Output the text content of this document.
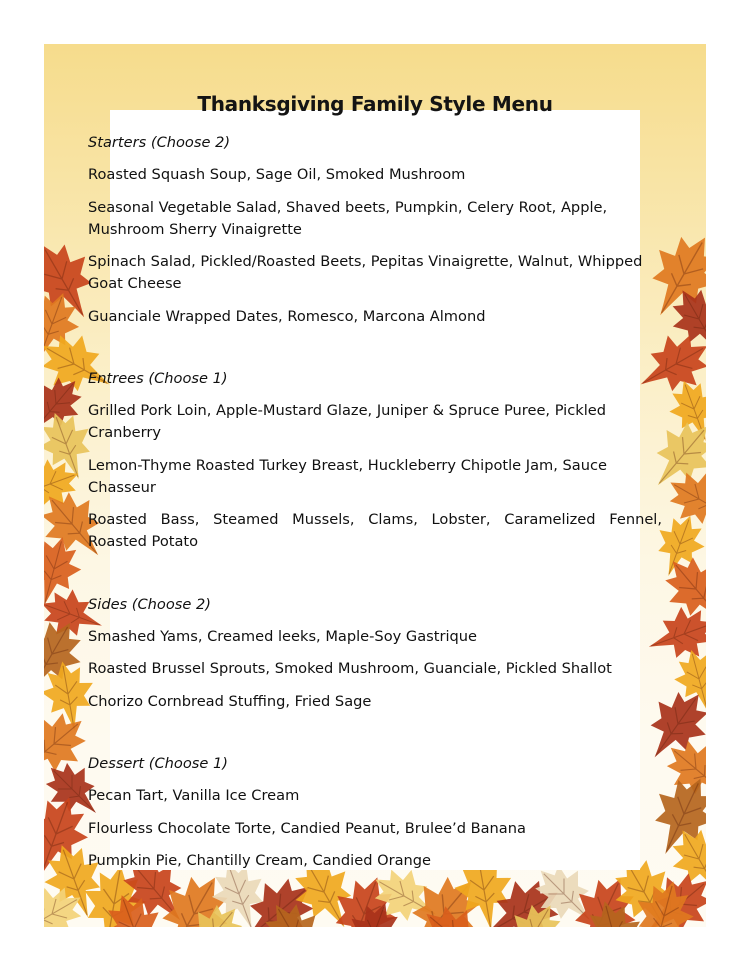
Thanksgiving Family Style Menu
Starters (Choose 2)
Roasted Squash Soup, Sage Oil, Smoked Mushroom
Seasonal Vegetable Salad, Shaved beets, Pumpkin, Celery Root, Apple, Mushroom Sherry Vinaigrette
Spinach Salad, Pickled/Roasted Beets, Pepitas Vinaigrette, Walnut, Whipped Goat Cheese
Guanciale Wrapped Dates, Romesco, Marcona Almond
Entrees (Choose 1)
Grilled Pork Loin, Apple-Mustard Glaze, Juniper & Spruce Puree, Pickled Cranberry
Lemon-Thyme Roasted Turkey Breast, Huckleberry Chipotle Jam, Sauce Chasseur
Roasted Bass, Steamed Mussels, Clams, Lobster, Caramelized Fennel, Roasted Potato
Sides (Choose 2)
Smashed Yams, Creamed leeks, Maple-Soy Gastrique
Roasted Brussel Sprouts, Smoked Mushroom, Guanciale, Pickled Shallot
Chorizo Cornbread Stuffing, Fried Sage
Dessert (Choose 1)
Pecan Tart, Vanilla Ice Cream
Flourless Chocolate Torte, Candied Peanut, Brulee’d Banana
Pumpkin Pie, Chantilly Cream, Candied Orange
